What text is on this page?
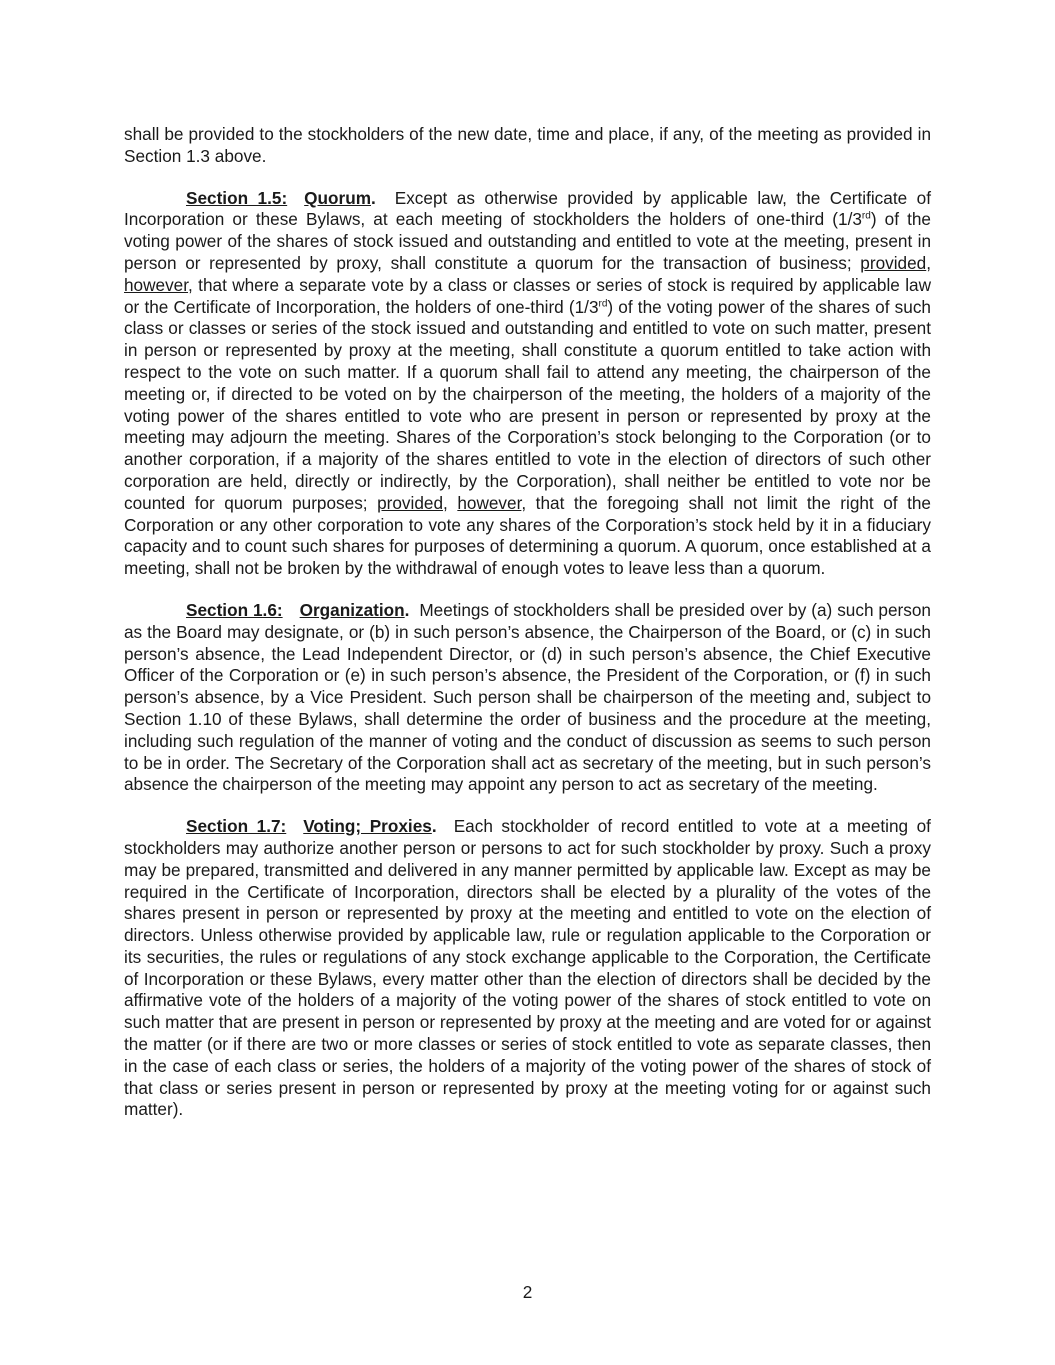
shall be provided to the stockholders of the new date, time and place, if any, of the meeting as provided in Section 1.3 above.

Section 1.5: Quorum. Except as otherwise provided by applicable law, the Certificate of Incorporation or these Bylaws, at each meeting of stockholders the holders of one-third (1/3rd) of the voting power of the shares of stock issued and outstanding and entitled to vote at the meeting, present in person or represented by proxy, shall constitute a quorum for the transaction of business; provided, however, that where a separate vote by a class or classes or series of stock is required by applicable law or the Certificate of Incorporation, the holders of one-third (1/3rd) of the voting power of the shares of such class or classes or series of the stock issued and outstanding and entitled to vote on such matter, present in person or represented by proxy at the meeting, shall constitute a quorum entitled to take action with respect to the vote on such matter. If a quorum shall fail to attend any meeting, the chairperson of the meeting or, if directed to be voted on by the chairperson of the meeting, the holders of a majority of the voting power of the shares entitled to vote who are present in person or represented by proxy at the meeting may adjourn the meeting. Shares of the Corporation’s stock belonging to the Corporation (or to another corporation, if a majority of the shares entitled to vote in the election of directors of such other corporation are held, directly or indirectly, by the Corporation), shall neither be entitled to vote nor be counted for quorum purposes; provided, however, that the foregoing shall not limit the right of the Corporation or any other corporation to vote any shares of the Corporation’s stock held by it in a fiduciary capacity and to count such shares for purposes of determining a quorum. A quorum, once established at a meeting, shall not be broken by the withdrawal of enough votes to leave less than a quorum.

Section 1.6: Organization. Meetings of stockholders shall be presided over by (a) such person as the Board may designate, or (b) in such person’s absence, the Chairperson of the Board, or (c) in such person’s absence, the Lead Independent Director, or (d) in such person’s absence, the Chief Executive Officer of the Corporation or (e) in such person’s absence, the President of the Corporation, or (f) in such person’s absence, by a Vice President. Such person shall be chairperson of the meeting and, subject to Section 1.10 of these Bylaws, shall determine the order of business and the procedure at the meeting, including such regulation of the manner of voting and the conduct of discussion as seems to such person to be in order. The Secretary of the Corporation shall act as secretary of the meeting, but in such person’s absence the chairperson of the meeting may appoint any person to act as secretary of the meeting.

Section 1.7: Voting; Proxies. Each stockholder of record entitled to vote at a meeting of stockholders may authorize another person or persons to act for such stockholder by proxy. Such a proxy may be prepared, transmitted and delivered in any manner permitted by applicable law. Except as may be required in the Certificate of Incorporation, directors shall be elected by a plurality of the votes of the shares present in person or represented by proxy at the meeting and entitled to vote on the election of directors. Unless otherwise provided by applicable law, rule or regulation applicable to the Corporation or its securities, the rules or regulations of any stock exchange applicable to the Corporation, the Certificate of Incorporation or these Bylaws, every matter other than the election of directors shall be decided by the affirmative vote of the holders of a majority of the voting power of the shares of stock entitled to vote on such matter that are present in person or represented by proxy at the meeting and are voted for or against the matter (or if there are two or more classes or series of stock entitled to vote as separate classes, then in the case of each class or series, the holders of a majority of the voting power of the shares of stock of that class or series present in person or represented by proxy at the meeting voting for or against such matter).

2
